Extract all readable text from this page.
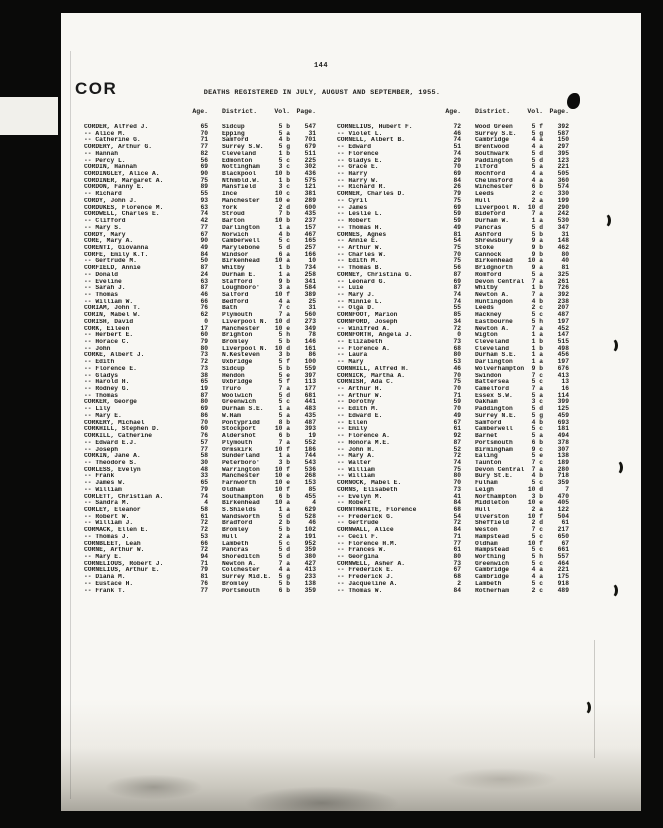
144
COR	DEATHS REGISTERED IN JULY, AUGUST AND SEPTEMBER, 1955.
Age.	District.	Vol. Page.	Age.	District.	Vol. Page.
CORDER, Alfred J.	65	Sidcup	5 b	547
-- Alice M.	70	Epping	5 a	31
-- Catherine G.	71	Samford	4 b	701
CORDERY, Arthur G.	77	Surrey S.W.	5 g	679
-- Hannah	82	Cleveland	1 b	511
-- Percy L.	56	Edmonton	5 c	225
CORDIN, Hannah	69	Nottingham	3 c	302
CORDINGLEY, Alice A.	90	Blackpool	10 b	436
CORDINER, Margaret A.	75	Nthmbld.W.	1 b	575
CORDON, Fanny E.	89	Mansfield	3 c	121
-- Richard	55	Ince	10 c	381
CORDY, John J.	93	Manchester	10 e	289
CORDUKES, Florence M.	63	York	2 d	600
CORDWELL, Charles E.	74	Stroud	7 b	435
-- Clifford	42	Barton	10 b	237
-- Mary S.	77	Darlington	1 a	157
CORDY, Mary	67	Norwich	4 b	467
CORE, Mary A.	90	Camberwell	5 c	165
CORENTI, Giovanna	49	Marylebone	5 d	257
CORFE, Emily K.T.	84	Windsor	6 a	166
-- Gertrude M.	50	Birkenhead	10 a	10
CORFIELD, Annie	87	Whitby	1 b	734
-- Donald	24	Durham E.	1 a	258
-- Eveline	63	Stafford	9 b	341
-- Sarah J.	87	Loughboro'	3 a	584
-- Thomas	46	Salford	10 f	389
-- William W.	66	Bedford	4 a	25
CORIAM, John T.	76	Bath	7 c	31
CORIN, Mabel W.	62	Plymouth	7 a	560
CORISH, David	0	Liverpool N.	10 d	273
CORK, Eileen	17	Manchester	10 e	349
-- Herbert E.	60	Brighton	5 h	78
-- Horace C.	79	Bromley	5 b	146
-- John	80	Liverpool N.	10 d	161
CORKE, Albert J.	73	N.Kesteven	3 b	86
-- Edith	72	Uxbridge	5 f	100
-- Florence E.	73	Sidcup	5 b	559
-- Gladys	38	Hendon	5 e	397
-- Harold H.	65	Uxbridge	5 f	113
-- Rodney G.	19	Truro	7 a	177
-- Thomas	87	Woolwich	5 d	681
CORKER, George	80	Greenwich	5 c	441
-- Lily	69	Durham S.E.	1 a	483
-- Mary E.	86	W.Ham	5 a	435
CORKERY, Michael	70	Pontypridd	8 b	487
CORKHILL, Stephen D.	60	Stockport	10 a	393
CORKILL, Catherine	76	Aldershot	6 b	19
-- Edward E.J.	57	Plymouth	7 a	552
-- Joseph	77	Ormskirk	10 f	186
CORKIN, Jane A.	58	Sunderland	1 a	744
-- Theodore S.	30	Peterboro'	3 b	543
CORLESS, Evelyn	48	Warrington	10 f	536
-- Frank	33	Manchester	10 e	268
-- James W.	65	Farnworth	10 e	153
-- William	79	Oldham	10 f	85
CORLETT, Christian A.	74	Southampton	6 b	455
-- Sandra M.	4	Birkenhead	10 a	4
CORLEY, Eleanor	58	S.Shields	1 a	629
-- Robert W.	61	Wandsworth	5 d	528
-- William J.	72	Bradford	2 b	46
CORMACK, Ellen E.	72	Bromley	5 b	102
-- Thomas J.	53	Hull	2 a	191
CORNBLEET, Leah	66	Lambeth	5 c	952
CORNE, Arthur W.	72	Pancras	5 d	359
-- Mary E.	94	Shoreditch	5 d	380
CORNELIOUS, Robert J.	71	Newton A.	7 a	427
CORNELIUS, Arthur E.	79	Colchester	4 a	413
-- Diana M.	81	Surrey Mid.E.	5 g	233
-- Eustace H.	76	Bromley	5 b	138
-- Frank T.	77	Portsmouth	6 b	359
CORNELIUS, Hubert F.	72	Wood Green	5 f	392
-- Violet L.	46	Surrey S.E.	5 g	587
CORNELL, Albert B.	74	Cambridge	4 a	150
-- Edward	51	Brentwood	4 a	297
-- Florence	74	Southwark	5 d	395
-- Gladys E.	29	Paddington	5 d	123
-- Grace E.	70	Ilford	5 a	221
-- Harry	69	Rochford	4 a	505
-- Harry W.	84	Chelmsford	4 a	360
-- Richard R.	26	Winchester	6 b	574
CORNER, Charles D.	79	Leeds	2 c	330
-- Cyril	75	Hull	2 a	199
-- James	69	Liverpool N.	10 d	290
-- Leslie L.	59	Bideford	7 a	242
-- Robert	59	Durham W.	1 a	530
-- Thomas H.	49	Pancras	5 d	347
CORNES, Agnes	81	Ashford	5 b	31
-- Annie E.	54	Shrewsbury	9 a	148
-- Arthur W.	75	Stoke	9 b	462
-- Charles W.	70	Cannock	9 b	80
-- Edith M.	75	Birkenhead	10 a	40
-- Thomas B.	56	Bridgnorth	9 a	81
CORNEY, Christina G.	87	Romford	5 a	325
-- Leonard G.	69	Devon Central	7 a	261
-- Luie	87	Whitby	1 b	726
-- Mary J.	74	Newton A.	7 a	392
-- Minnie L.	74	Huntingdon	4 b	238
-- Olga D.	55	Leeds	2 c	207
CORNFOOT, Marion	85	Hackney	5 c	487
CORNFORD, Joseph	34	Eastbourne	5 h	197
-- Winifred A.	72	Newton A.	7 a	452
CORNFORTH, Angela J.	0	Wigton	1 a	147
-- Elizabeth	73	Cleveland	1 b	515
-- Florence A.	68	Cleveland	1 b	498
-- Laura	80	Durham S.E.	1 a	456
-- Mary	53	Darlington	1 a	197
CORNHILL, Alfred H.	46	Wolverhampton	9 b	676
CORNICK, Martha A.	70	Swindon	7 c	413
CORNISH, Ada C.	75	Battersea	5 c	13
-- Arthur H.	70	Camelford	7 a	16
-- Arthur W.	71	Essex S.W.	5 a	114
-- Dorothy	59	Oakham	3 c	399
-- Edith M.	70	Paddington	5 d	125
-- Edward E.	49	Surrey N.E.	5 g	459
-- Ellen	67	Samford	4 b	693
-- Emily	61	Camberwell	5 c	181
-- Florence A.	92	Barnet	5 a	494
-- Honora M.E.	87	Portsmouth	6 b	378
-- John H.	52	Birmingham	9 c	307
-- Mary A.	72	Ealing	5 e	138
-- Walter	74	Taunton	7 c	189
-- William	75	Devon Central	7 a	280
-- William	80	Bury St.E.	4 b	718
CORNOCK, Mabel E.	70	Fulham	5 c	359
CORNS, Elisabeth	73	Leigh	10 d	7
-- Evelyn M.	41	Northampton	3 b	470
-- Robert	84	Middleton	10 e	405
CORNTHWAITE, Florence	68	Hull	2 a	122
-- Frederick G.	54	Ulverston	10 f	504
-- Gertrude	72	Sheffield	2 d	61
CORNWALL, Alice	84	Weston	7 c	217
-- Cecil F.	71	Hampstead	5 c	650
-- Florence H.M.	77	Oldham	10 f	67
-- Frances W.	61	Hampstead	5 c	661
-- Georgina	80	Worthing	5 h	557
CORNWELL, Asher A.	73	Greenwich	5 c	464
-- Frederick E.	67	Cambridge	4 a	221
-- Frederick J.	68	Cambridge	4 a	175
-- Jacqueline A.	2	Lambeth	5 c	918
-- Thomas W.	84	Rotherham	2 c	489
